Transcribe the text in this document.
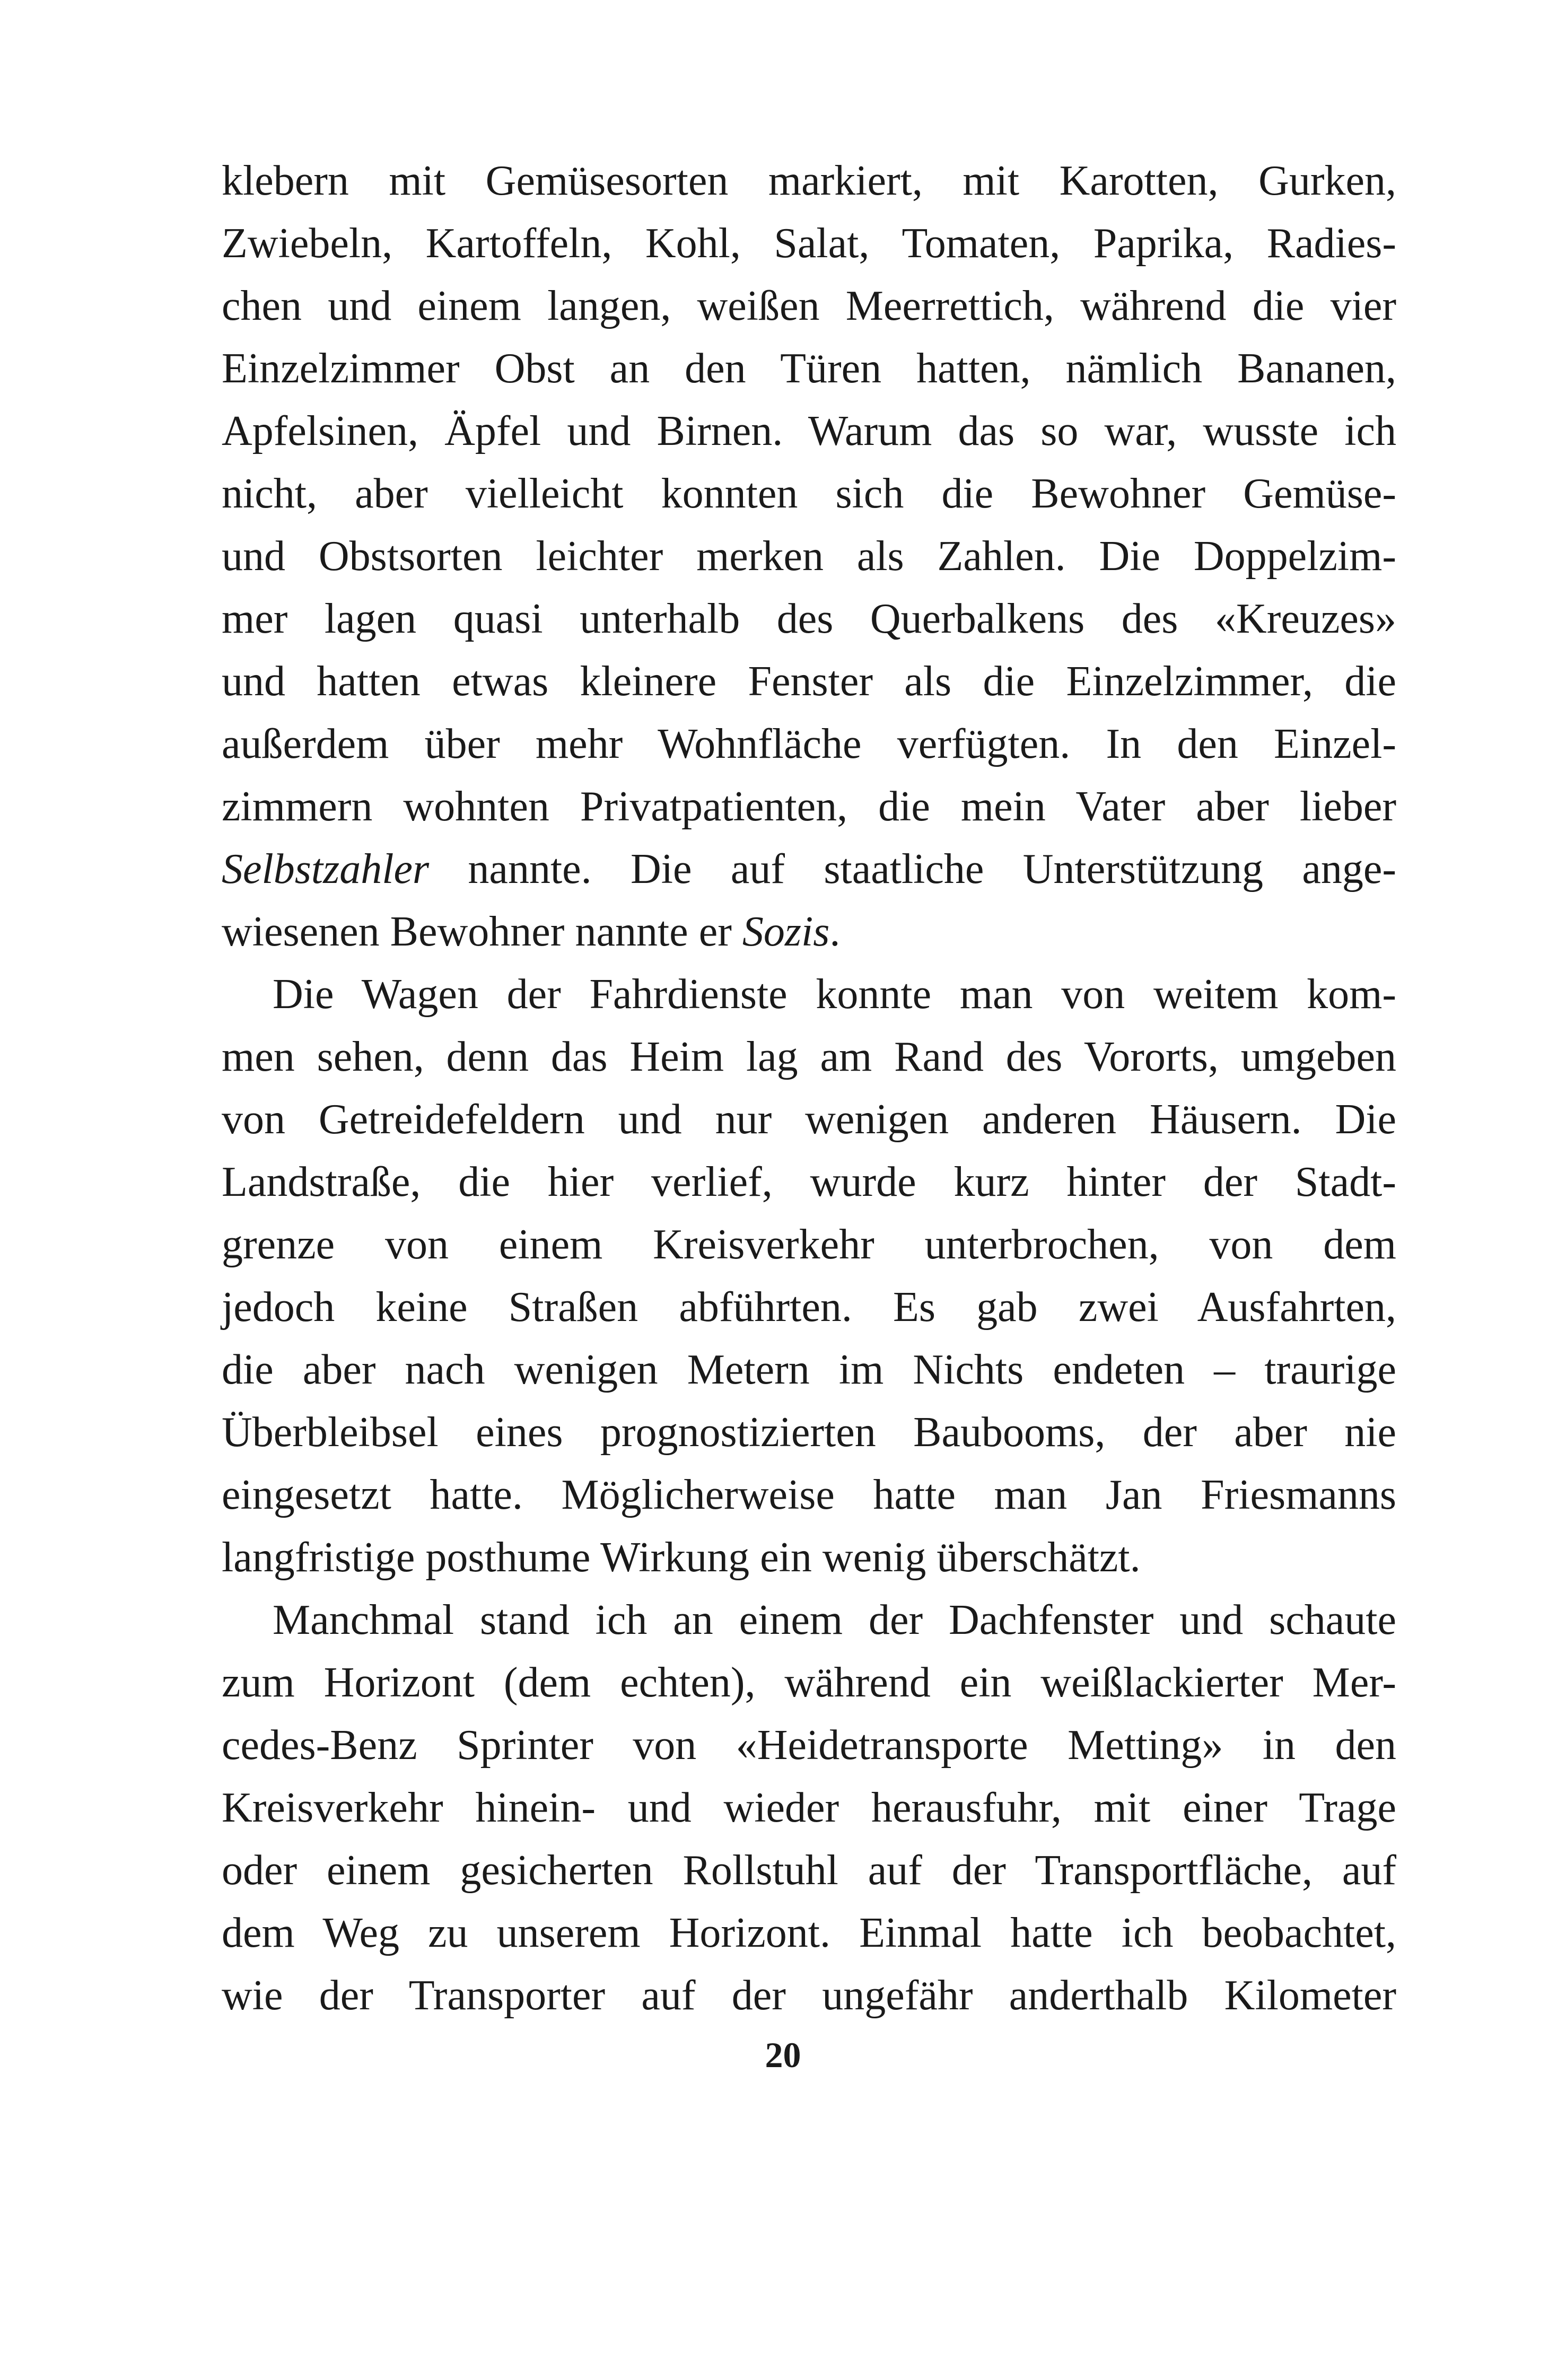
klebern mit Gemüsesorten markiert, mit Karotten, Gurken,
Zwiebeln, Kartoffeln, Kohl, Salat, Tomaten, Paprika, Radies-
chen und einem langen, weißen Meerrettich, während die vier
Einzelzimmer Obst an den Türen hatten, nämlich Bananen,
Apfelsinen, Äpfel und Birnen. Warum das so war, wusste ich
nicht, aber vielleicht konnten sich die Bewohner Gemüse-
und Obstsorten leichter merken als Zahlen. Die Doppelzim-
mer lagen quasi unterhalb des Querbalkens des «Kreuzes»
und hatten etwas kleinere Fenster als die Einzelzimmer, die
außerdem über mehr Wohnfläche verfügten. In den Einzel-
zimmern wohnten Privatpatienten, die mein Vater aber lieber
Selbstzahler nannte. Die auf staatliche Unterstützung ange-
wiesenen Bewohner nannte er Sozis.
Die Wagen der Fahrdienste konnte man von weitem kom-
men sehen, denn das Heim lag am Rand des Vororts, umgeben
von Getreidefeldern und nur wenigen anderen Häusern. Die
Landstraße, die hier verlief, wurde kurz hinter der Stadt-
grenze von einem Kreisverkehr unterbrochen, von dem
jedoch keine Straßen abführten. Es gab zwei Ausfahrten,
die aber nach wenigen Metern im Nichts endeten – traurige
Überbleibsel eines prognostizierten Baubooms, der aber nie
eingesetzt hatte. Möglicherweise hatte man Jan Friesmanns
langfristige posthume Wirkung ein wenig überschätzt.
Manchmal stand ich an einem der Dachfenster und schaute
zum Horizont (dem echten), während ein weißlackierter Mer-
cedes-Benz Sprinter von «Heidetransporte Metting» in den
Kreisverkehr hinein- und wieder herausfuhr, mit einer Trage
oder einem gesicherten Rollstuhl auf der Transportfläche, auf
dem Weg zu unserem Horizont. Einmal hatte ich beobachtet,
wie der Transporter auf der ungefähr anderthalb Kilometer
20
